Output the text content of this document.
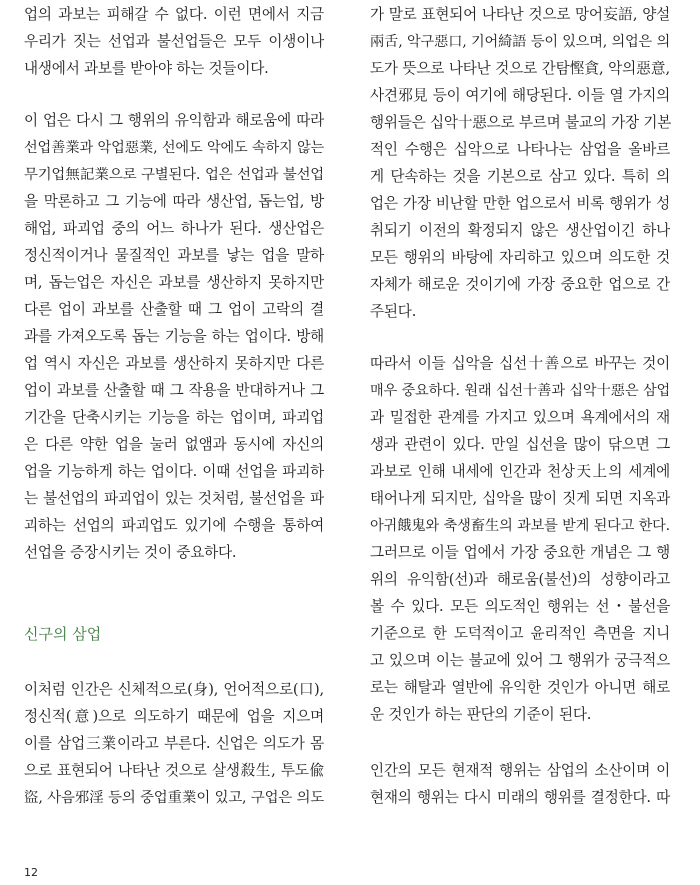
업의 과보는 피해갈 수 없다. 이런 면에서 지금
우리가 짓는 선업과 불선업들은 모두 이생이나
내생에서 과보를 받아야 하는 것들이다.
이 업은 다시 그 행위의 유익함과 해로움에 따라
선업善業과 악업惡業, 선에도 악에도 속하지 않는
무기업無記業으로 구별된다. 업은 선업과 불선업
을 막론하고 그 기능에 따라 생산업, 돕는업, 방
해업, 파괴업 중의 어느 하나가 된다. 생산업은
정신적이거나 물질적인 과보를 낳는 업을 말하
며, 돕는업은 자신은 과보를 생산하지 못하지만
다른 업이 과보를 산출할 때 그 업이 고락의 결
과를 가져오도록 돕는 기능을 하는 업이다. 방해
업 역시 자신은 과보를 생산하지 못하지만 다른
업이 과보를 산출할 때 그 작용을 반대하거나 그
기간을 단축시키는 기능을 하는 업이며, 파괴업
은 다른 약한 업을 눌러 없앰과 동시에 자신의
업을 기능하게 하는 업이다. 이때 선업을 파괴하
는 불선업의 파괴업이 있는 것처럼, 불선업을 파
괴하는 선업의 파괴업도 있기에 수행을 통하여
선업을 증장시키는 것이 중요하다.
신구의 삼업
이처럼 인간은 신체적으로(身), 언어적으로(口),
정신적(意)으로 의도하기 때문에 업을 지으며
이를 삼업三業이라고 부른다. 신업은 의도가 몸
으로 표현되어 나타난 것으로 살생殺生, 투도偸
盜, 사음邪淫 등의 중업重業이 있고, 구업은 의도
가 말로 표현되어 나타난 것으로 망어妄語, 양설
兩舌, 악구惡口, 기어綺語 등이 있으며, 의업은 의
도가 뜻으로 나타난 것으로 간탐慳貪, 악의惡意,
사견邪見 등이 여기에 해당된다. 이들 열 가지의
행위들은 십악十惡으로 부르며 불교의 가장 기본
적인 수행은 십악으로 나타나는 삼업을 올바르
게 단속하는 것을 기본으로 삼고 있다. 특히 의
업은 가장 비난할 만한 업으로서 비록 행위가 성
취되기 이전의 확정되지 않은 생산업이긴 하나
모든 행위의 바탕에 자리하고 있으며 의도한 것
자체가 해로운 것이기에 가장 중요한 업으로 간
주된다.
따라서 이들 십악을 십선十善으로 바꾸는 것이
매우 중요하다. 원래 십선十善과 십악十惡은 삼업
과 밀접한 관계를 가지고 있으며 욕계에서의 재
생과 관련이 있다. 만일 십선을 많이 닦으면 그
과보로 인해 내세에 인간과 천상天上의 세계에
태어나게 되지만, 십악을 많이 짓게 되면 지옥과
아귀餓鬼와 축생畜生의 과보를 받게 된다고 한다.
그러므로 이들 업에서 가장 중요한 개념은 그 행
위의 유익함(선)과 해로움(불선)의 성향이라고
볼 수 있다. 모든 의도적인 행위는 선・불선을
기준으로 한 도덕적이고 윤리적인 측면을 지니
고 있으며 이는 불교에 있어 그 행위가 궁극적으
로는 해탈과 열반에 유익한 것인가 아니면 해로
운 것인가 하는 판단의 기준이 된다.
인간의 모든 현재적 행위는 삼업의 소산이며 이
현재의 행위는 다시 미래의 행위를 결정한다. 따
12
